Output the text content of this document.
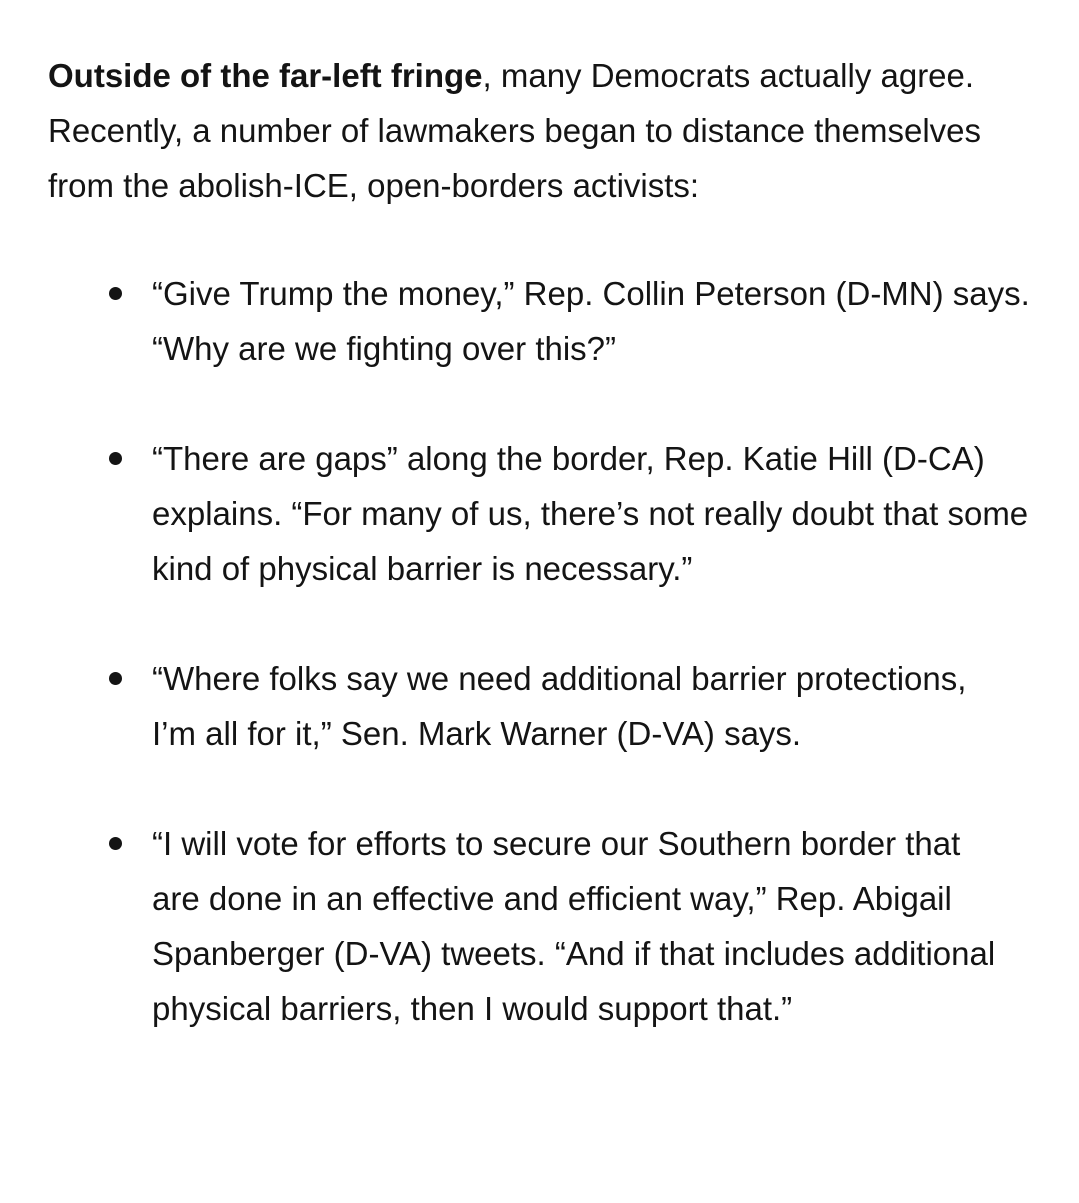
Outside of the far-left fringe, many Democrats actually agree. Recently, a number of lawmakers began to distance themselves from the abolish-ICE, open-borders activists:

“Give Trump the money,” Rep. Collin Peterson (D-MN) says. “Why are we fighting over this?”
“There are gaps” along the border, Rep. Katie Hill (D-CA) explains. “For many of us, there’s not really doubt that some kind of physical barrier is necessary.”
“Where folks say we need additional barrier protections, I’m all for it,” Sen. Mark Warner (D-VA) says.
“I will vote for efforts to secure our Southern border that are done in an effective and efficient way,” Rep. Abigail Spanberger (D-VA) tweets. “And if that includes additional physical barriers, then I would support that.”
